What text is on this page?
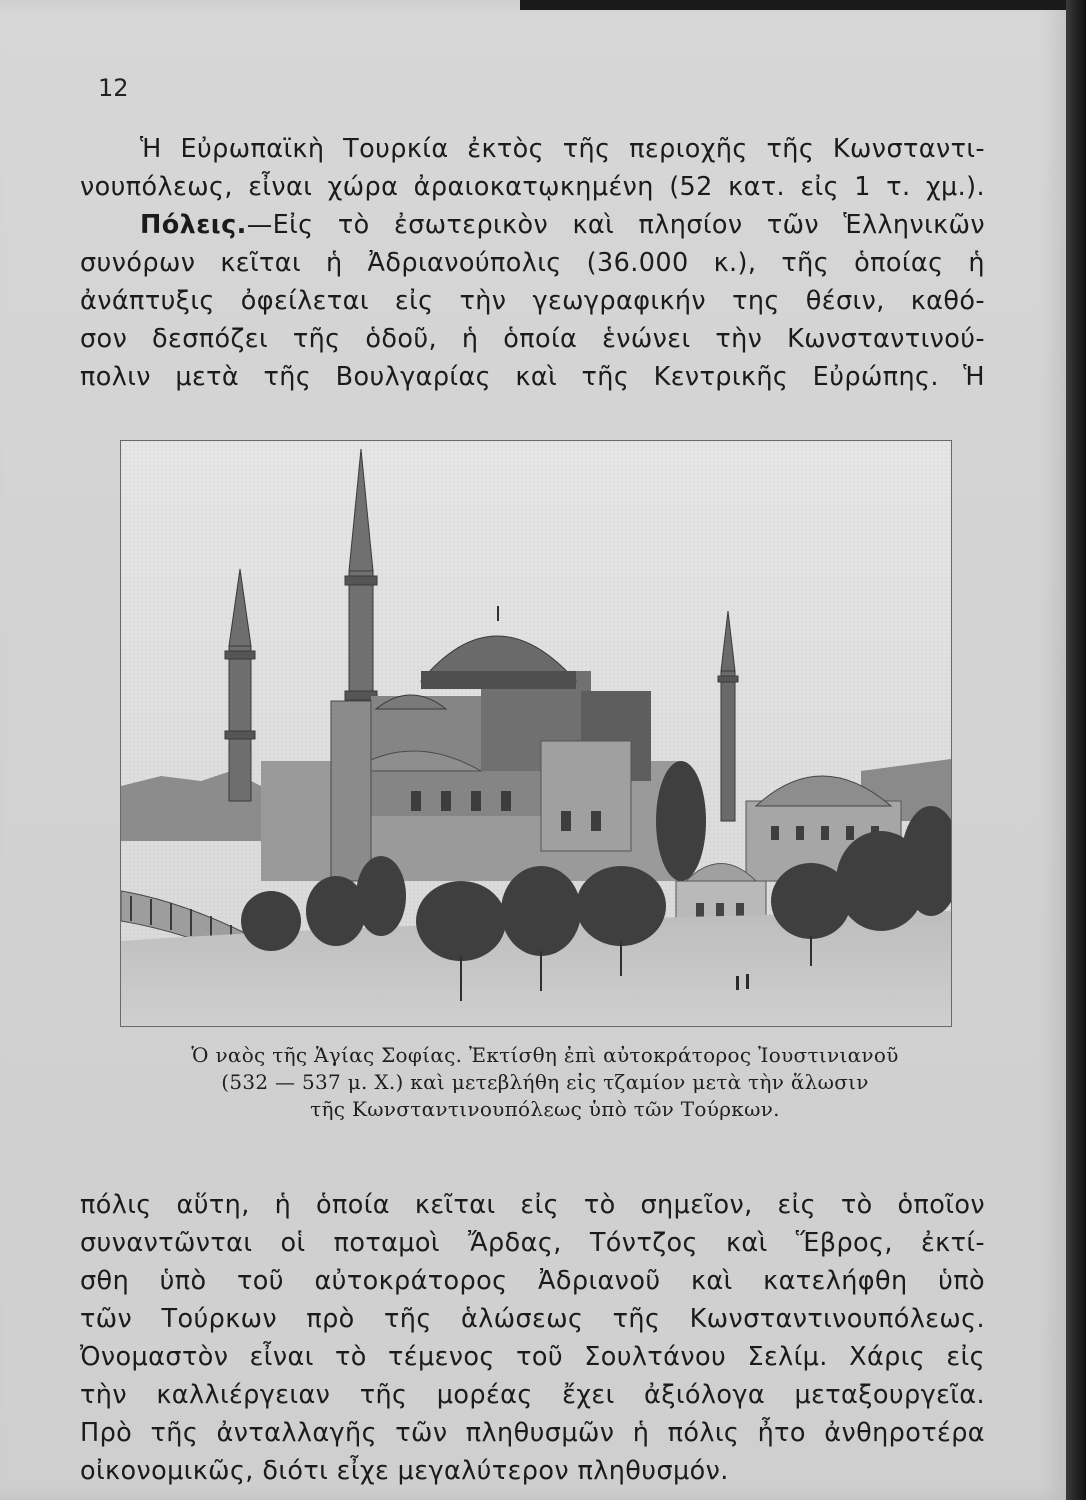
12
Ἡ Εὐρωπαϊκὴ Τουρκία ἐκτὸς τῆς περιοχῆς τῆς Κωνσταντι-
νουπόλεως, εἶναι χώρα ἀραιοκατῳκημένη (52 κατ. εἰς 1 τ. χμ.).
Πόλεις.—Εἰς τὸ ἐσωτερικὸν καὶ πλησίον τῶν Ἑλληνικῶν
συνόρων κεῖται ἡ Ἀδριανούπολις (36.000 κ.), τῆς ὁποίας ἡ
ἀνάπτυξις ὀφείλεται εἰς τὴν γεωγραφικήν της θέσιν, καθό-
σον δεσπόζει τῆς ὁδοῦ, ἡ ὁποία ἑνώνει τὴν Κωνσταντινού-
πολιν μετὰ τῆς Βουλγαρίας καὶ τῆς Κεντρικῆς Εὐρώπης. Ἡ
Ὁ ναὸς τῆς Ἁγίας Σοφίας. Ἐκτίσθη ἐπὶ αὐτοκράτορος Ἰουστινιανοῦ
(532 — 537 μ. Χ.) καὶ μετεβλήθη εἰς τζαμίον μετὰ τὴν ἅλωσιν
τῆς Κωνσταντινουπόλεως ὑπὸ τῶν Τούρκων.
πόλις αὕτη, ἡ ὁποία κεῖται εἰς τὸ σημεῖον, εἰς τὸ ὁποῖον
συναντῶνται οἱ ποταμοὶ Ἄρδας, Τόντζος καὶ Ἕβρος, ἐκτί-
σθη ὑπὸ τοῦ αὐτοκράτορος Ἀδριανοῦ καὶ κατελήφθη ὑπὸ
τῶν Τούρκων πρὸ τῆς ἁλώσεως τῆς Κωνσταντινουπόλεως.
Ὀνομαστὸν εἶναι τὸ τέμενος τοῦ Σουλτάνου Σελίμ. Χάρις εἰς
τὴν καλλιέργειαν τῆς μορέας ἔχει ἀξιόλογα μεταξουργεῖα.
Πρὸ τῆς ἀνταλλαγῆς τῶν πληθυσμῶν ἡ πόλις ἦτο ἀνθηροτέρα
οἰκονομικῶς, διότι εἶχε μεγαλύτερον πληθυσμόν.
